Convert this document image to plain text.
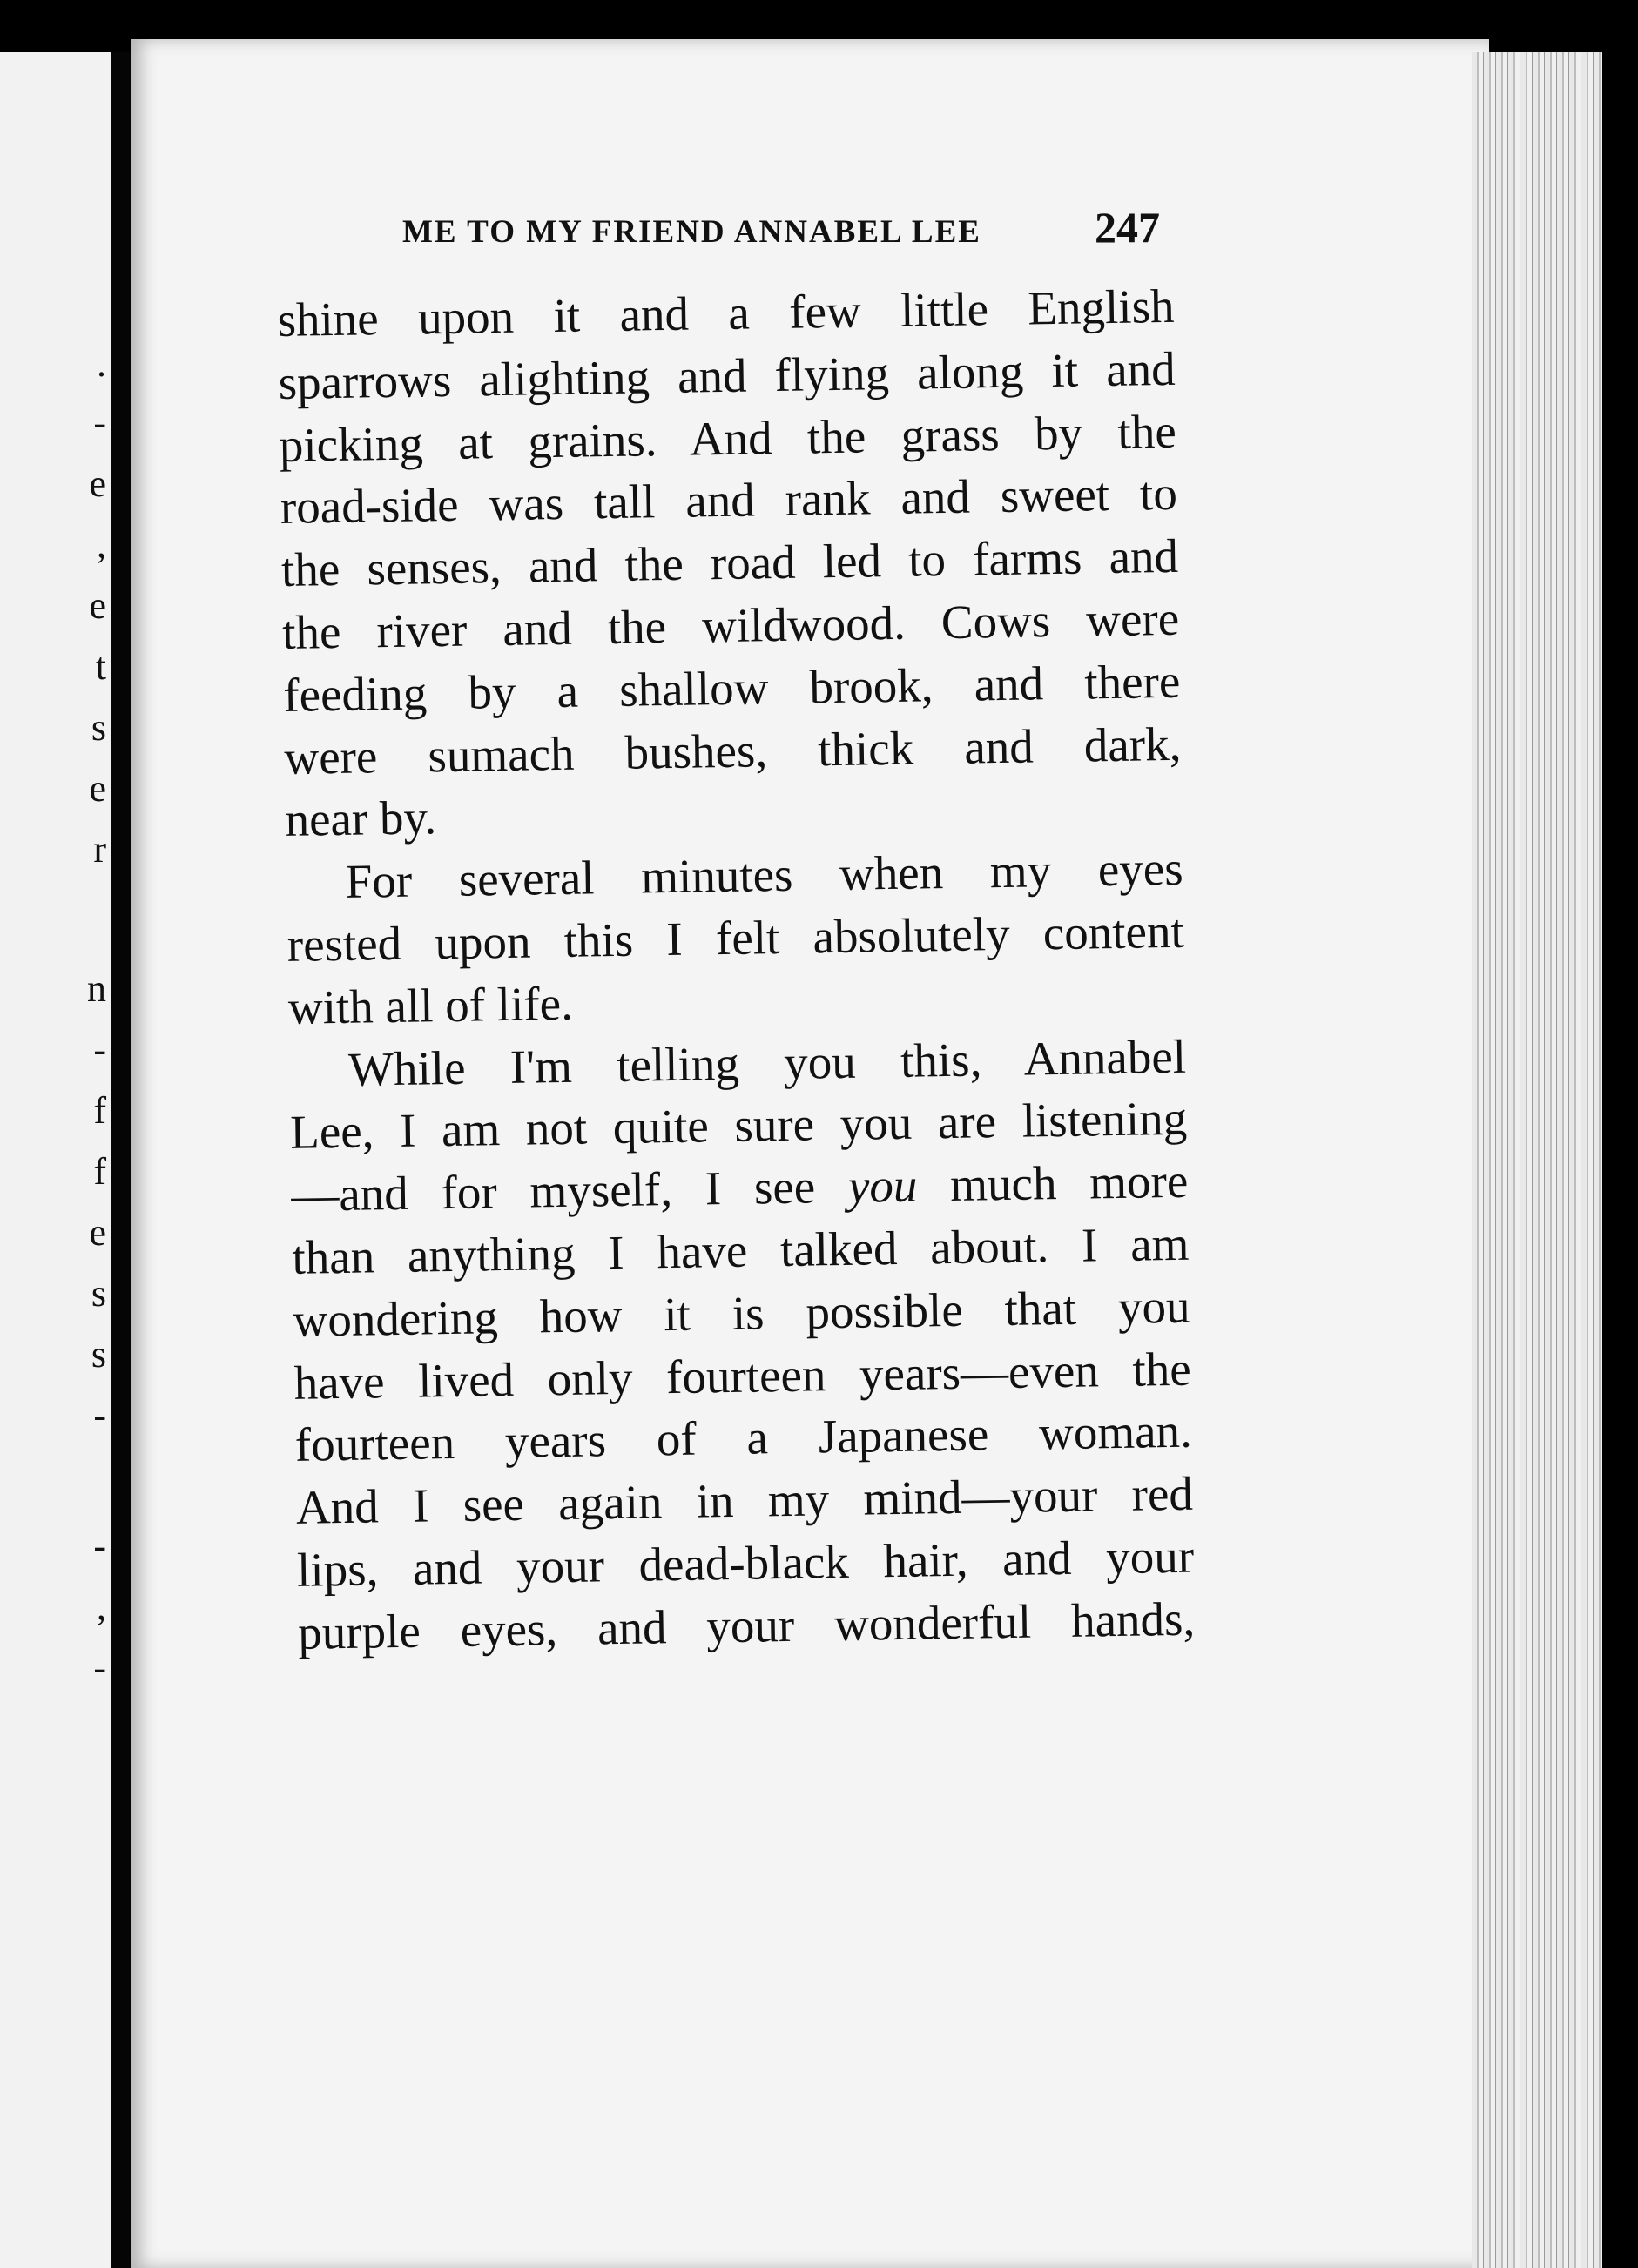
.
-
e
,
e
t
s
e
r
n
-
f
f
e
s
s
-
-
,
-
ME TO MY FRIEND ANNABEL LEE	247
shine upon it and a few little English
sparrows alighting and flying along it and
picking at grains. And the grass by the
road-side was tall and rank and sweet to
the senses, and the road led to farms and
the river and the wildwood. Cows were
feeding by a shallow brook, and there
were sumach bushes, thick and dark,
near by.
For several minutes when my eyes
rested upon this I felt absolutely content
with all of life.
While I'm telling you this, Annabel
Lee, I am not quite sure you are listening
—and for myself, I see you much more
than anything I have talked about. I am
wondering how it is possible that you
have lived only fourteen years—even the
fourteen years of a Japanese woman.
And I see again in my mind—your red
lips, and your dead-black hair, and your
purple eyes, and your wonderful hands,
